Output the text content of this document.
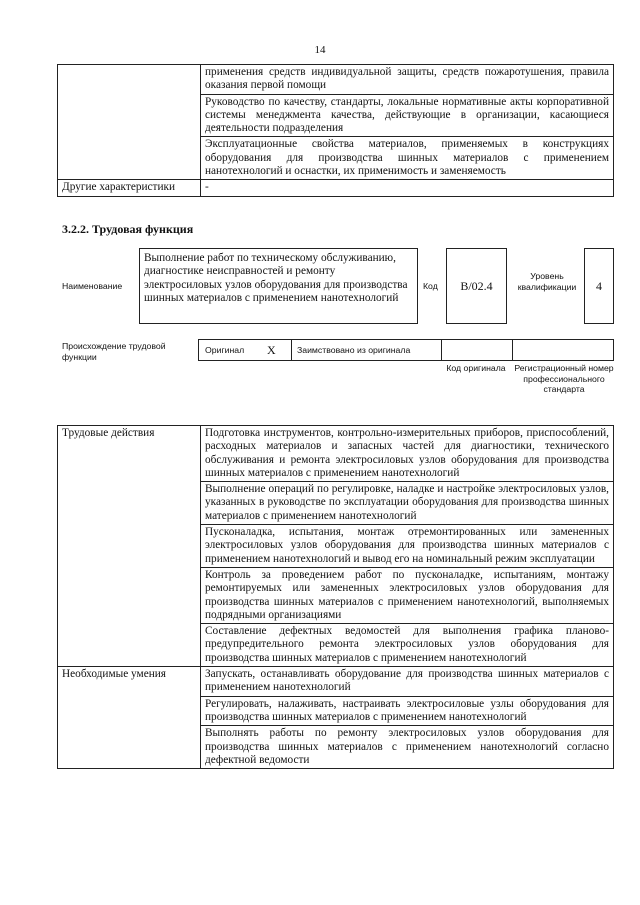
14
	применения средств индивидуальной защиты, средств пожаротушения, правила оказания первой помощи
	Руководство по качеству, стандарты, локальные нормативные акты корпоративной системы менеджмента качества, действующие в организации, касающиеся деятельности подразделения
	Эксплуатационные свойства материалов, применяемых в конструкциях оборудования для производства шинных материалов с применением нанотехнологий и оснастки, их применимость и заменяемость
Другие характеристики	-
3.2.2. Трудовая функция
Наименование
Выполнение работ по техническому обслуживанию, диагностике неисправностей и ремонту электросиловых узлов оборудования для производства шинных материалов с применением нанотехнологий
Код	B/02.4
Уровень квалификации	4
Происхождение трудовой функции
Оригинал X Заимствовано из оригинала
Код оригинала	Регистрационный номер профессионального стандарта
Трудовые действия	Подготовка инструментов, контрольно-измерительных приборов, приспособлений, расходных материалов и запасных частей для диагностики, технического обслуживания и ремонта электросиловых узлов оборудования для производства шинных материалов с применением нанотехнологий
	Выполнение операций по регулировке, наладке и настройке электросиловых узлов, указанных в руководстве по эксплуатации оборудования для производства шинных материалов с применением нанотехнологий
	Пусконаладка, испытания, монтаж отремонтированных или замененных электросиловых узлов оборудования для производства шинных материалов с применением нанотехнологий и вывод его на номинальный режим эксплуатации
	Контроль за проведением работ по пусконаладке, испытаниям, монтажу ремонтируемых или замененных электросиловых узлов оборудования для производства шинных материалов с применением нанотехнологий, выполняемых подрядными организациями
	Составление дефектных ведомостей для выполнения графика планово-предупредительного ремонта электросиловых узлов оборудования для производства шинных материалов с применением нанотехнологий
Необходимые умения	Запускать, останавливать оборудование для производства шинных материалов с применением нанотехнологий
	Регулировать, налаживать, настраивать электросиловые узлы оборудования для производства шинных материалов с применением нанотехнологий
	Выполнять работы по ремонту электросиловых узлов оборудования для производства шинных материалов с применением нанотехнологий согласно дефектной ведомости
